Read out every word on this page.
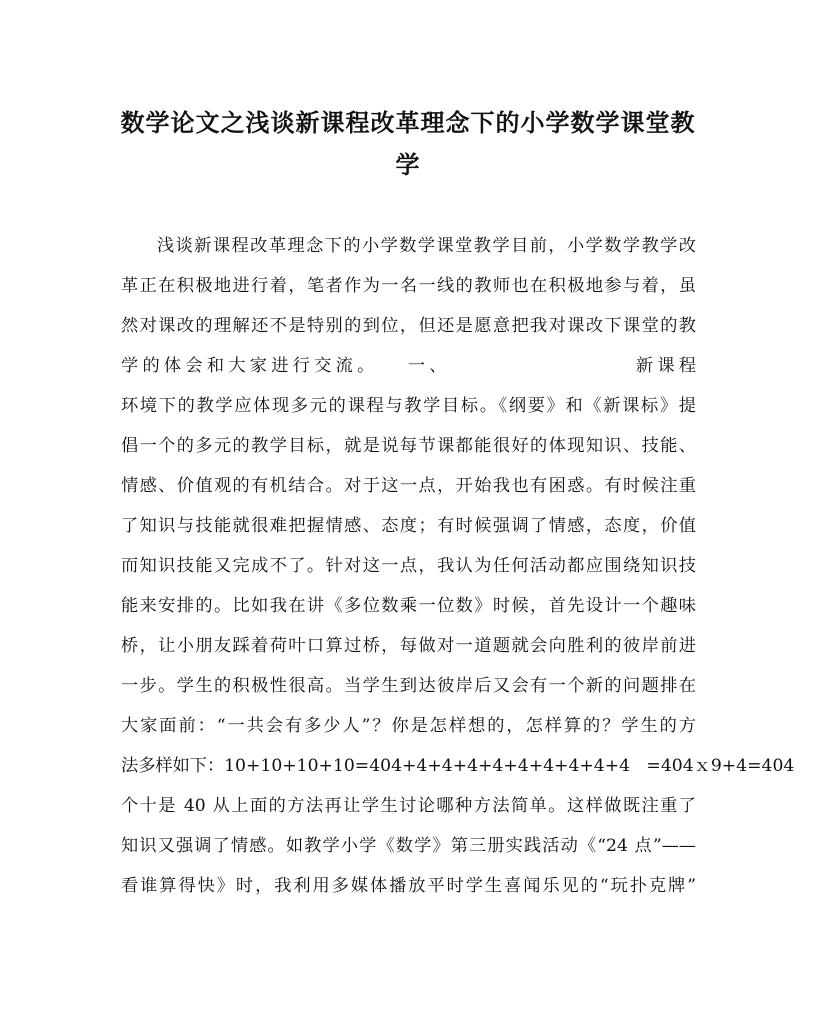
数学论文之浅谈新课程改革理念下的小学数学课堂教
学
浅谈新课程改革理念下的小学数学课堂教学目前，小学数学教学改
革正在积极地进行着，笔者作为一名一线的教师也在积极地参与着，虽
然对课改的理解还不是特别的到位，但还是愿意把我对课改下课堂的教
学的体会和大家进行交流。   一、                   新课程
环境下的教学应体现多元的课程与教学目标。《纲要》和《新课标》提
倡一个的多元的教学目标，就是说每节课都能很好的体现知识、技能、
情感、价值观的有机结合。对于这一点，开始我也有困惑。有时候注重
了知识与技能就很难把握情感、态度；有时候强调了情感，态度，价值
而知识技能又完成不了。针对这一点，我认为任何活动都应围绕知识技
能来安排的。比如我在讲《多位数乘一位数》时候，首先设计一个趣味
桥，让小朋友踩着荷叶口算过桥，每做对一道题就会向胜利的彼岸前进
一步。学生的积极性很高。当学生到达彼岸后又会有一个新的问题排在
大家面前：“一共会有多少人”？你是怎样想的，怎样算的？学生的方
法多样如下：10+10+10+10=404+4+4+4+4+4+4+4+4+4   =404ｘ9+4=404
个十是 40 从上面的方法再让学生讨论哪种方法简单。这样做既注重了
知识又强调了情感。如教学小学《数学》第三册实践活动《“24 点”——
看谁算得快》时，我利用多媒体播放平时学生喜闻乐见的“玩扑克牌”
